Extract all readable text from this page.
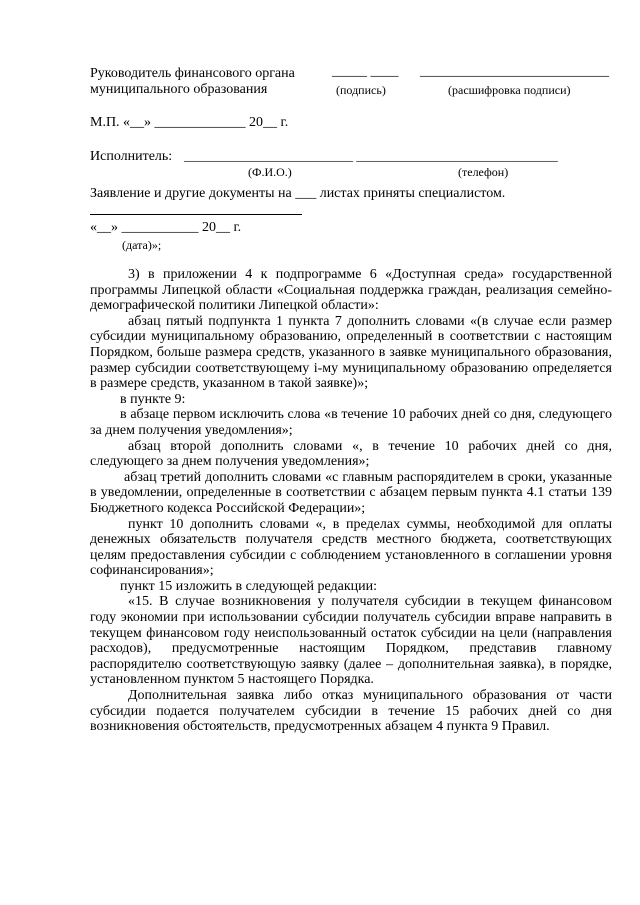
Руководитель финансового органа
муниципального образования
_____ ____ ___________________________
(подпись)	(расшифровка подписи)
М.П. «__» _____________ 20__ г.
Исполнитель: __________________________ _______________________________
(Ф.И.О.)	(телефон)
Заявление и другие документы на ___ листах приняты специалистом.
«__» ___________ 20__ г.
(дата)»;

3) в приложении 4 к подпрограмме 6 «Доступная среда» государственной программы Липецкой области «Социальная поддержка граждан, реализация семейно-демографической политики Липецкой области»:

абзац пятый подпункта 1 пункта 7 дополнить словами «(в случае если размер субсидии муниципальному образованию, определенный в соответствии с настоящим Порядком, больше размера средств, указанного в заявке муниципального образования, размер субсидии соответствующему i-му муниципальному образованию определяется в размере средств, указанном в такой заявке)»;

в пункте 9:

в абзаце первом исключить слова «в течение 10 рабочих дней со дня, следующего за днем получения уведомления»;

абзац второй дополнить словами «, в течение 10 рабочих дней со дня, следующего за днем получения уведомления»;

абзац третий дополнить словами «с главным распорядителем в сроки, указанные в уведомлении, определенные в соответствии с абзацем первым пункта 4.1 статьи 139 Бюджетного кодекса Российской Федерации»;

пункт 10 дополнить словами «, в пределах суммы, необходимой для оплаты денежных обязательств получателя средств местного бюджета, соответствующих целям предоставления субсидии с соблюдением установленного в соглашении уровня софинансирования»;

пункт 15 изложить в следующей редакции:

«15. В случае возникновения у получателя субсидии в текущем финансовом году экономии при использовании субсидии получатель субсидии вправе направить в текущем финансовом году неиспользованный остаток субсидии на цели (направления расходов), предусмотренные настоящим Порядком, представив главному распорядителю соответствующую заявку (далее – дополнительная заявка), в порядке, установленном пунктом 5 настоящего Порядка.

Дополнительная заявка либо отказ муниципального образования от части субсидии подается получателем субсидии в течение 15 рабочих дней со дня возникновения обстоятельств, предусмотренных абзацем 4 пункта 9 Правил.
